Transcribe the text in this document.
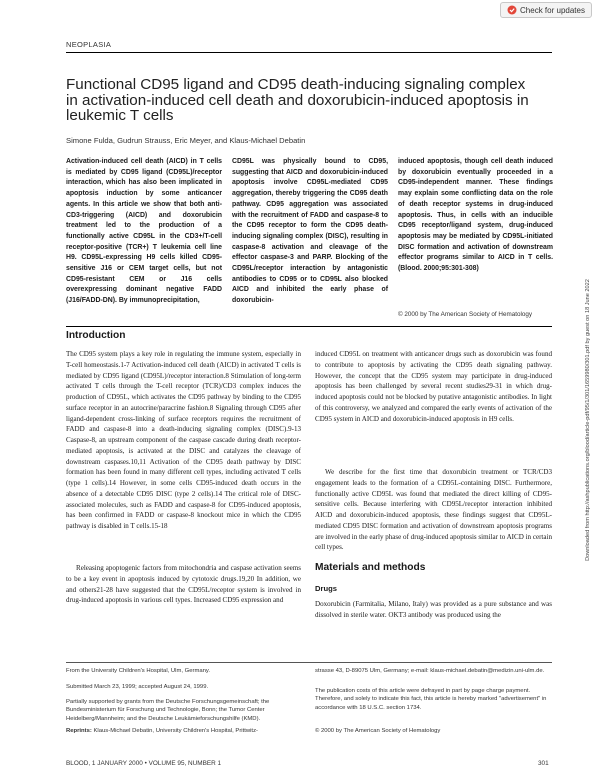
Check for updates
NEOPLASIA
Functional CD95 ligand and CD95 death-inducing signaling complex in activation-induced cell death and doxorubicin-induced apoptosis in leukemic T cells
Simone Fulda, Gudrun Strauss, Eric Meyer, and Klaus-Michael Debatin

Activation-induced cell death (AICD) in T cells is mediated by CD95 ligand (CD95L)/receptor interaction, which has also been implicated in apoptosis induction by some anticancer agents. In this article we show that both anti-CD3-triggering (AICD) and doxorubicin treatment led to the production of a functionally active CD95L in the CD3+/T-cell receptor-positive (TCR+) T leukemia cell line H9. CD95L-expressing H9 cells killed CD95-sensitive J16 or CEM target cells, but not CD95-resistant CEM or J16 cells overexpressing dominant negative FADD (J16/FADD-DN). By immunoprecipitation,

CD95L was physically bound to CD95, suggesting that AICD and doxorubicin-induced apoptosis involve CD95L-mediated CD95 aggregation, thereby triggering the CD95 death pathway. CD95 aggregation was associated with the recruitment of FADD and caspase-8 to the CD95 receptor to form the CD95 death-inducing signaling complex (DISC), resulting in caspase-8 activation and cleavage of the effector caspase-3 and PARP. Blocking of the CD95L/receptor interaction by antagonistic antibodies to CD95 or to CD95L also blocked AICD and inhibited the early phase of doxorubicin-

induced apoptosis, though cell death induced by doxorubicin eventually proceeded in a CD95-independent manner. These findings may explain some conflicting data on the role of death receptor systems in drug-induced apoptosis. Thus, in cells with an inducible CD95 receptor/ligand system, drug-induced apoptosis may be mediated by CD95L-initiated DISC formation and activation of downstream effector programs similar to AICD in T cells. (Blood. 2000;95:301-308)

© 2000 by The American Society of Hematology
Introduction

The CD95 system plays a key role in regulating the immune system, especially in T-cell homeostasis.1-7 Activation-induced cell death (AICD) in activated T cells is mediated by CD95 ligand (CD95L)/receptor interaction.8 Stimulation of long-term activated T cells through the T-cell receptor (TCR)/CD3 complex induces the production of CD95L, which activates the CD95 pathway by binding to the CD95 surface receptor in an autocrine/paracrine fashion.8 Signaling through CD95 after ligand-dependent cross-linking of surface receptors requires the recruitment of FADD and caspase-8 into a death-inducing signaling complex (DISC).9-13 Caspase-8, an upstream component of the caspase cascade during death receptor-mediated apoptosis, is activated at the DISC and catalyzes the cleavage of downstream caspases.10,11 Activation of the CD95 death pathway by DISC formation has been found in many different cell types, including activated T cells (type 1 cells).14 However, in some cells CD95-induced death occurs in the absence of a detectable CD95 DISC (type 2 cells).14 The critical role of DISC-associated molecules, such as FADD and caspase-8 for CD95-induced apoptosis, has been confirmed in FADD or caspase-8 knockout mice in which the CD95 pathway is disabled in T cells.15-18

Releasing apoptogenic factors from mitochondria and caspase activation seems to be a key event in apoptosis induced by cytotoxic drugs.19,20 In addition, we and others21-28 have suggested that the CD95L/receptor system is involved in drug-induced apoptosis in various cell types. Increased CD95 expression and

induced CD95L on treatment with anticancer drugs such as doxorubicin was found to contribute to apoptosis by activating the CD95 death signaling pathway. However, the concept that the CD95 system may participate in drug-induced apoptosis has been challenged by several recent studies29-31 in which drug-induced apoptosis could not be blocked by putative antagonistic antibodies. In light of this controversy, we analyzed and compared the early events of activation of the CD95 system in AICD and doxorubicin-induced apoptosis in H9 cells.

We describe for the first time that doxorubicin treatment or TCR/CD3 engagement leads to the formation of a CD95L-containing DISC. Furthermore, functionally active CD95L was found that mediated the direct killing of CD95-sensitive cells. Because interfering with CD95L/receptor interaction inhibited AICD and doxorubicin-induced apoptosis, these findings suggest that CD95L-mediated CD95 DISC formation and activation of downstream apoptosis programs are involved in the early phase of drug-induced apoptosis similar to AICD in certain cell types.

Materials and methods
Drugs

Doxorubicin (Farmitalia, Milano, Italy) was provided as a pure substance and was dissolved in sterile water. OKT3 antibody was produced using the

From the University Children's Hospital, Ulm, Germany.

Submitted March 23, 1999; accepted August 24, 1999.

Partially supported by grants from the Deutsche Forschungsgemeinschaft; the Bundesministerium für Forschung und Technologie, Bonn; the Tumor Center Heidelberg/Mannheim; and the Deutsche Leukämieforschungshilfe (KMD).

Reprints: Klaus-Michael Debatin, University Children's Hospital, Prittwitz-

strasse 43, D-89075 Ulm, Germany; e-mail: klaus-michael.debatin@medizin.uni-ulm.de.

The publication costs of this article were defrayed in part by page charge payment. Therefore, and solely to indicate this fact, this article is hereby marked "advertisement" in accordance with 18 U.S.C. section 1734.

© 2000 by The American Society of Hematology

BLOOD, 1 JANUARY 2000 • VOLUME 95, NUMBER 1	301
Downloaded from http://ashpublications.org/blood/article-pdf/95/1/301/1659980/301.pdf by guest on 18 June 2022
